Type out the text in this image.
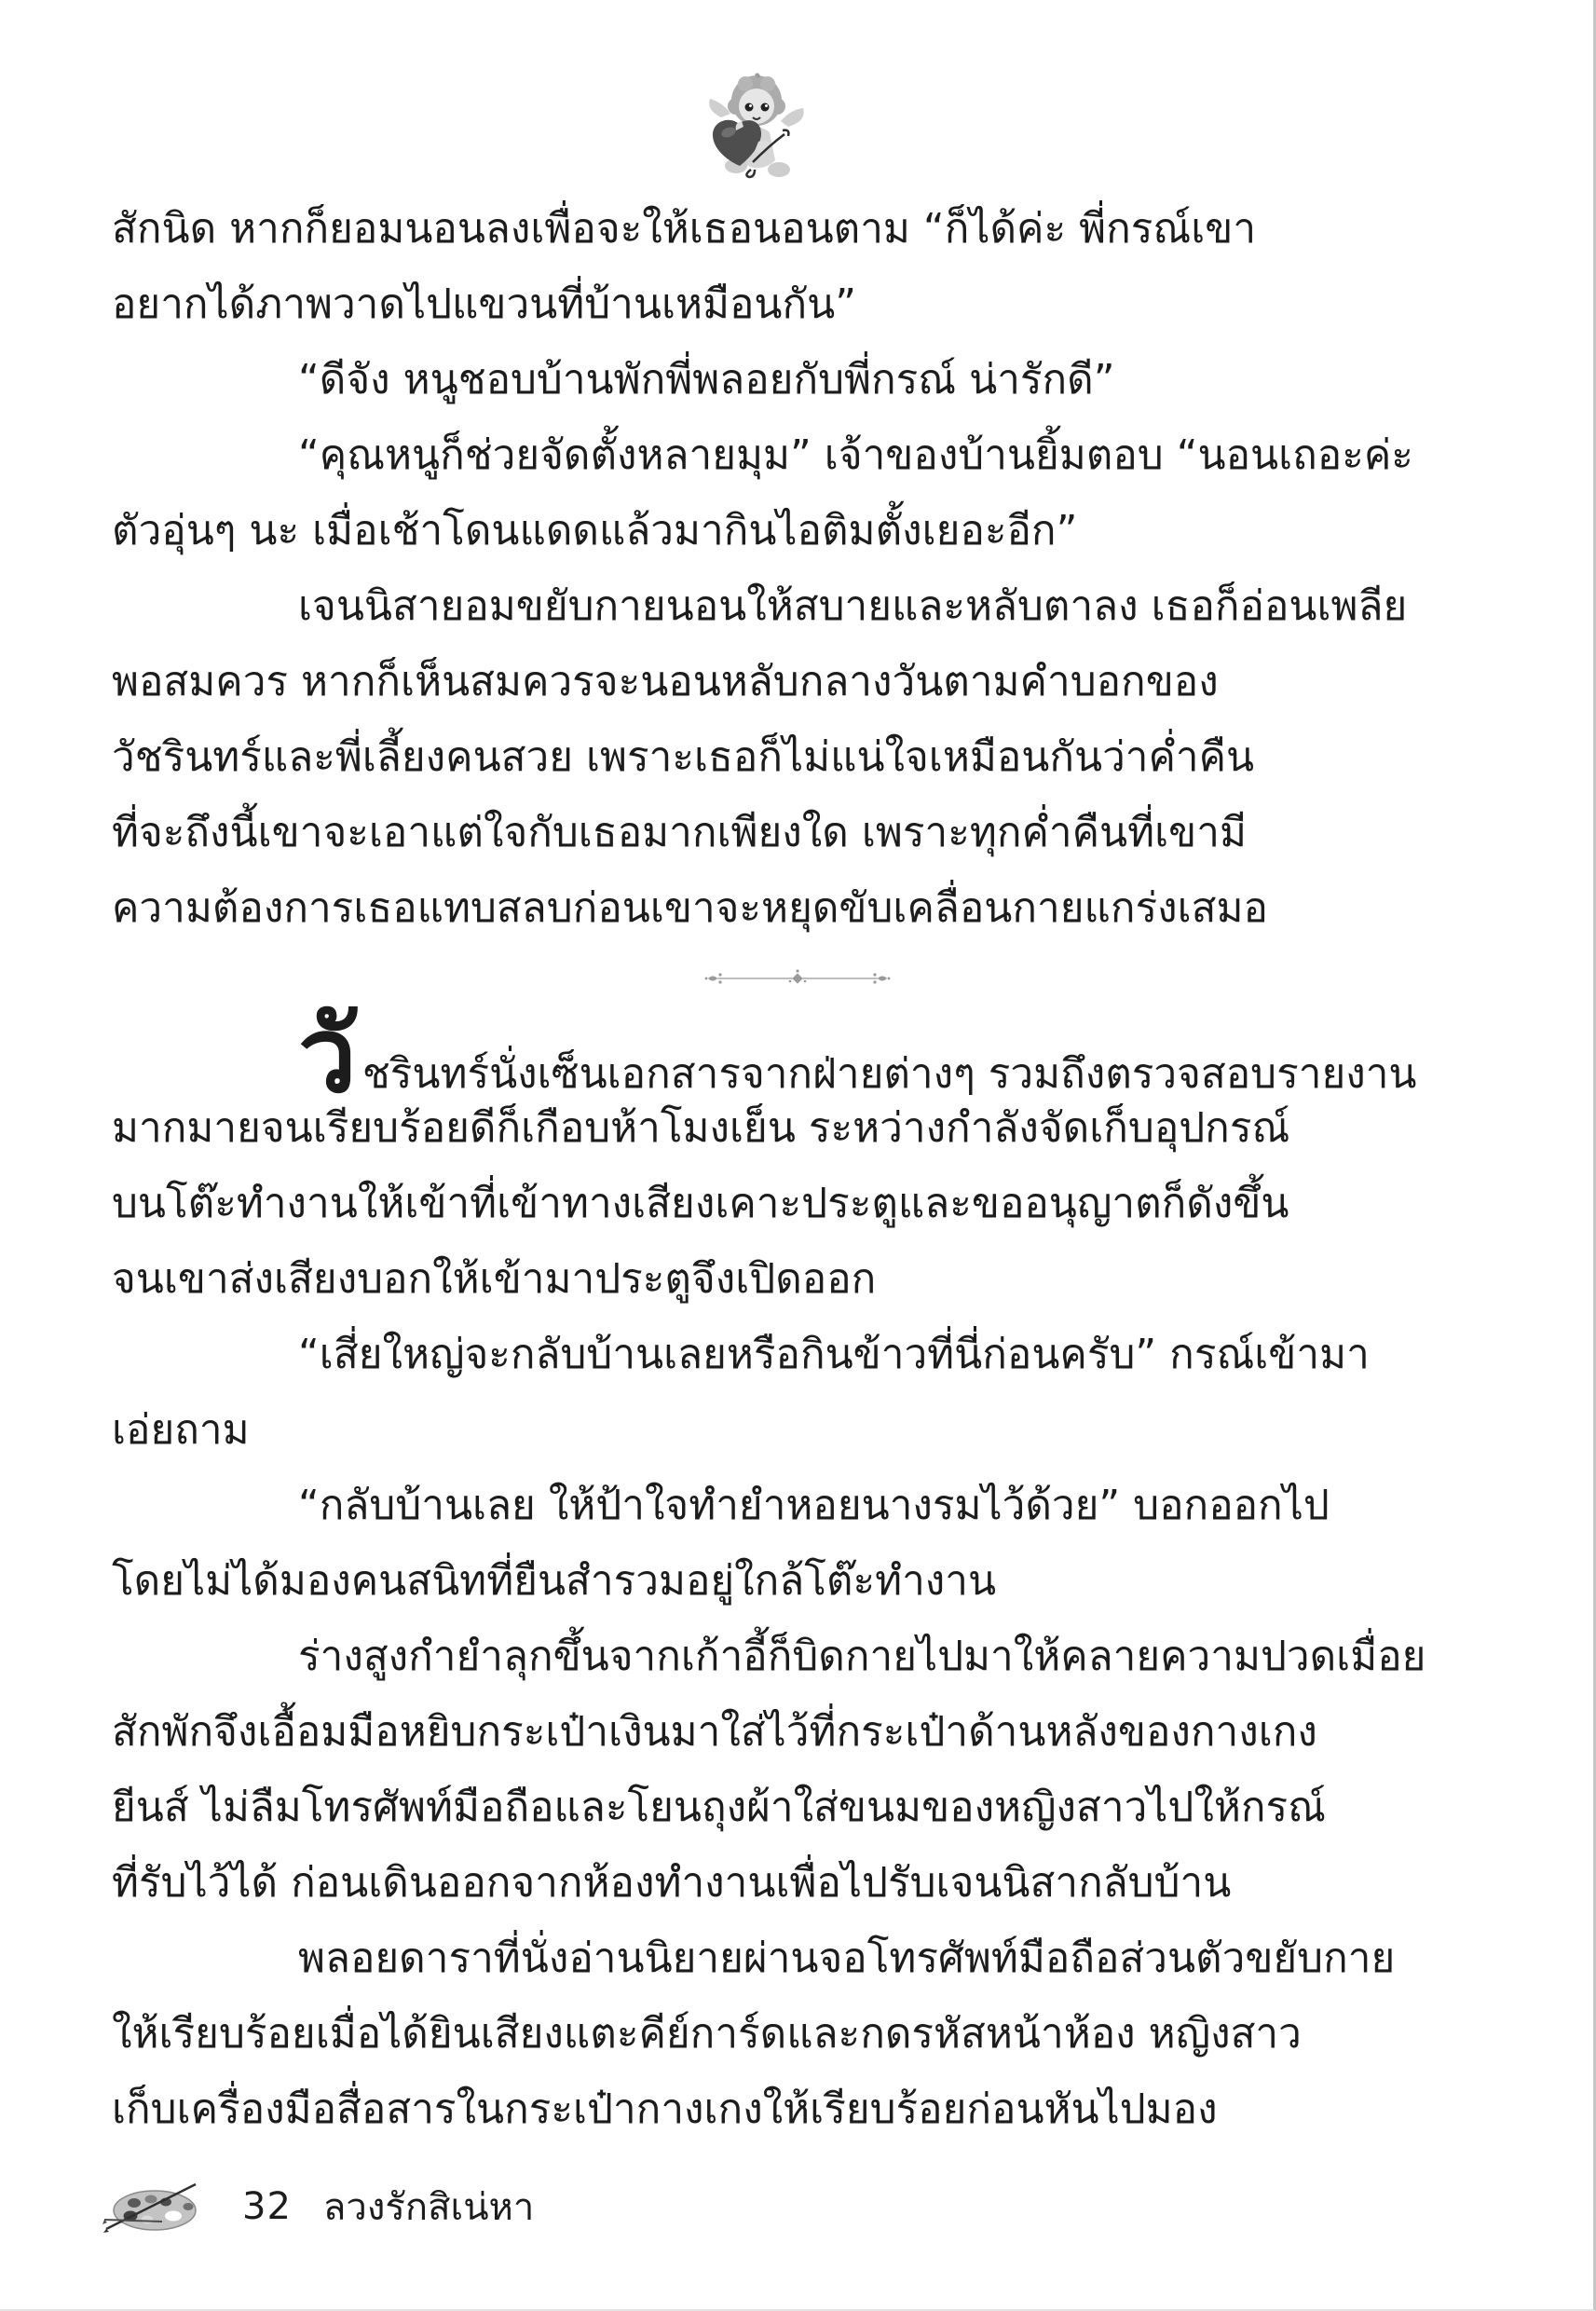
สักนิด หากก็ยอมนอนลงเพื่อจะให้เธอนอนตาม “ก็ได้ค่ะ พี่กรณ์เขา
อยากได้ภาพวาดไปแขวนที่บ้านเหมือนกัน”
“ดีจัง หนูชอบบ้านพักพี่พลอยกับพี่กรณ์ น่ารักดี”
“คุณหนูก็ช่วยจัดตั้งหลายมุม” เจ้าของบ้านยิ้มตอบ “นอนเถอะค่ะ
ตัวอุ่นๆ นะ เมื่อเช้าโดนแดดแล้วมากินไอติมตั้งเยอะอีก”
เจนนิสายอมขยับกายนอนให้สบายและหลับตาลง เธอก็อ่อนเพลีย
พอสมควร หากก็เห็นสมควรจะนอนหลับกลางวันตามคำบอกของ
วัชรินทร์และพี่เลี้ยงคนสวย เพราะเธอก็ไม่แน่ใจเหมือนกันว่าค่ำคืน
ที่จะถึงนี้เขาจะเอาแต่ใจกับเธอมากเพียงใด เพราะทุกค่ำคืนที่เขามี
ความต้องการเธอแทบสลบก่อนเขาจะหยุดขับเคลื่อนกายแกร่งเสมอ
วัชรินทร์นั่งเซ็นเอกสารจากฝ่ายต่างๆ รวมถึงตรวจสอบรายงาน
มากมายจนเรียบร้อยดีก็เกือบห้าโมงเย็น ระหว่างกำลังจัดเก็บอุปกรณ์
บนโต๊ะทำงานให้เข้าที่เข้าทางเสียงเคาะประตูและขออนุญาตก็ดังขึ้น
จนเขาส่งเสียงบอกให้เข้ามาประตูจึงเปิดออก
“เสี่ยใหญ่จะกลับบ้านเลยหรือกินข้าวที่นี่ก่อนครับ” กรณ์เข้ามา
เอ่ยถาม
“กลับบ้านเลย ให้ป้าใจทำยำหอยนางรมไว้ด้วย” บอกออกไป
โดยไม่ได้มองคนสนิทที่ยืนสำรวมอยู่ใกล้โต๊ะทำงาน
ร่างสูงกำยำลุกขึ้นจากเก้าอี้ก็บิดกายไปมาให้คลายความปวดเมื่อย
สักพักจึงเอื้อมมือหยิบกระเป๋าเงินมาใส่ไว้ที่กระเป๋าด้านหลังของกางเกง
ยีนส์ ไม่ลืมโทรศัพท์มือถือและโยนถุงผ้าใส่ขนมของหญิงสาวไปให้กรณ์
ที่รับไว้ได้ ก่อนเดินออกจากห้องทำงานเพื่อไปรับเจนนิสากลับบ้าน
พลอยดาราที่นั่งอ่านนิยายผ่านจอโทรศัพท์มือถือส่วนตัวขยับกาย
ให้เรียบร้อยเมื่อได้ยินเสียงแตะคีย์การ์ดและกดรหัสหน้าห้อง หญิงสาว
เก็บเครื่องมือสื่อสารในกระเป๋ากางเกงให้เรียบร้อยก่อนหันไปมอง
32 ลวงรักสิเน่หา
